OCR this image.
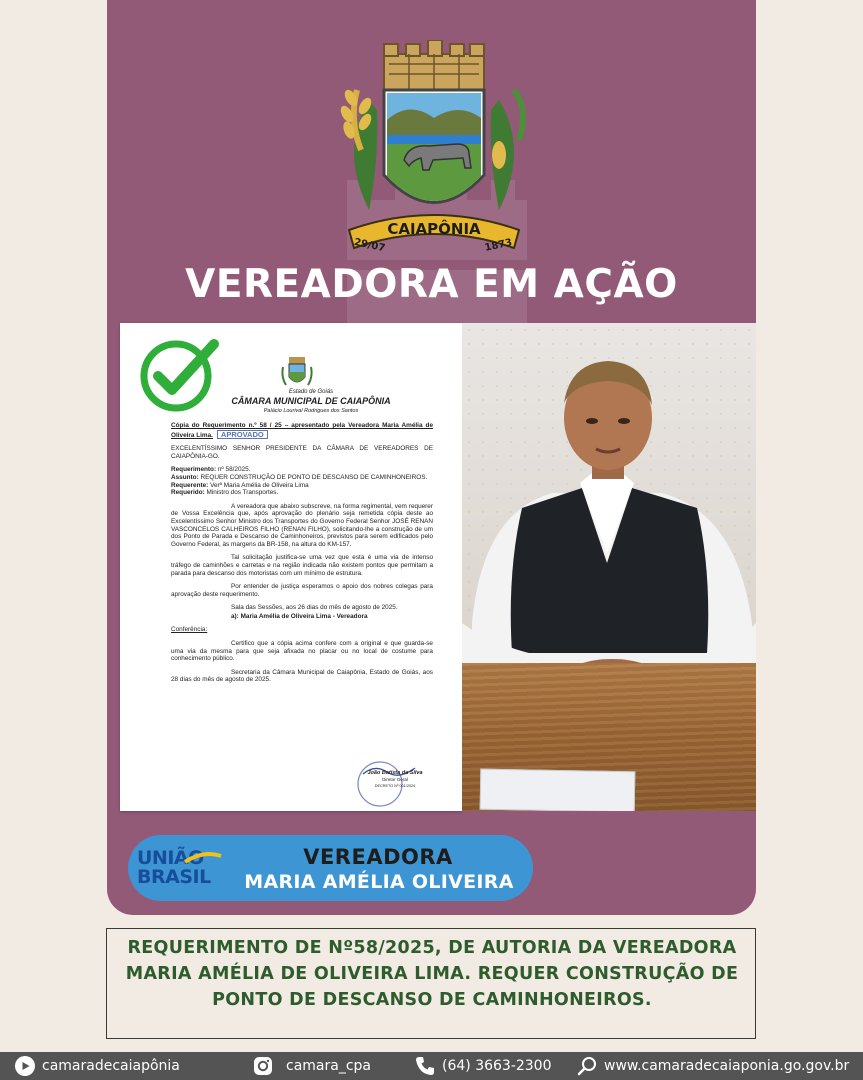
CAIAPÔNIA
29/07	1873
VEREADORA EM AÇÃO
Estado de Goiás
CÂMARA MUNICIPAL DE CAIAPÔNIA
Palácio Lourival Rodrigues dos Santos

Cópia do Requerimento n.º 58 / 25 – apresentado pela Vereadora Maria Amélia de Oliveira Lima. APROVADO

EXCELENTÍSSIMO SENHOR PRESIDENTE DA CÂMARA DE VEREADORES DE CAIAPÔNIA-GO.

Requerimento: nº 58/2025.
Assunto: REQUER CONSTRUÇÃO DE PONTO DE DESCANSO DE CAMINHONEIROS.
Requerente: Verª Maria Amélia de Oliveira Lima
Requerido: Ministro dos Transportes.

A vereadora que abaixo subscreve, na forma regimental, vem requerer de Vossa Excelência que, após aprovação do plenário seja remetida cópia deste ao Excelentíssimo Senhor Ministro dos Transportes do Governo Federal Senhor JOSÉ RENAN VASCONCELOS CALHEIROS FILHO (RENAN FILHO), solicitando-lhe a construção de um dos Ponto de Parada e Descanso de Caminhoneiros, previstos para serem edificados pelo Governo Federal, às margens da BR-158, na altura do KM-157.

Tal solicitação justifica-se uma vez que esta é uma via de intenso tráfego de caminhões e carretas e na região indicada não existem pontos que permitam a parada para descanso dos motoristas com um mínimo de estrutura.

Por entender de justiça esperamos o apoio dos nobres colegas para aprovação deste requerimento.

Sala das Sessões, aos 26 dias do mês de agosto de 2025.

a): Maria Amélia de Oliveira Lima - Vereadora

Conferência:

Certifico que a cópia acima confere com a original e que guarda-se uma via da mesma para que seja afixada no placar ou no local de costume para conhecimento público.

Secretaria da Câmara Municipal de Caiapônia, Estado de Goiás, aos 28 dias do mês de agosto de 2025.

João Batista da Silva
Diretor Geral
DECRETO Nº 001/2024
UNIÃO
BRASIL
VEREADORA
MARIA AMÉLIA OLIVEIRA
REQUERIMENTO DE Nº58/2025, DE AUTORIA DA VEREADORA
MARIA AMÉLIA DE OLIVEIRA LIMA. REQUER CONSTRUÇÃO DE
PONTO DE DESCANSO DE CAMINHONEIROS.
camaradecaiapônia	camara_cpa	(64) 3663-2300	www.camaradecaiaponia.go.gov.br
